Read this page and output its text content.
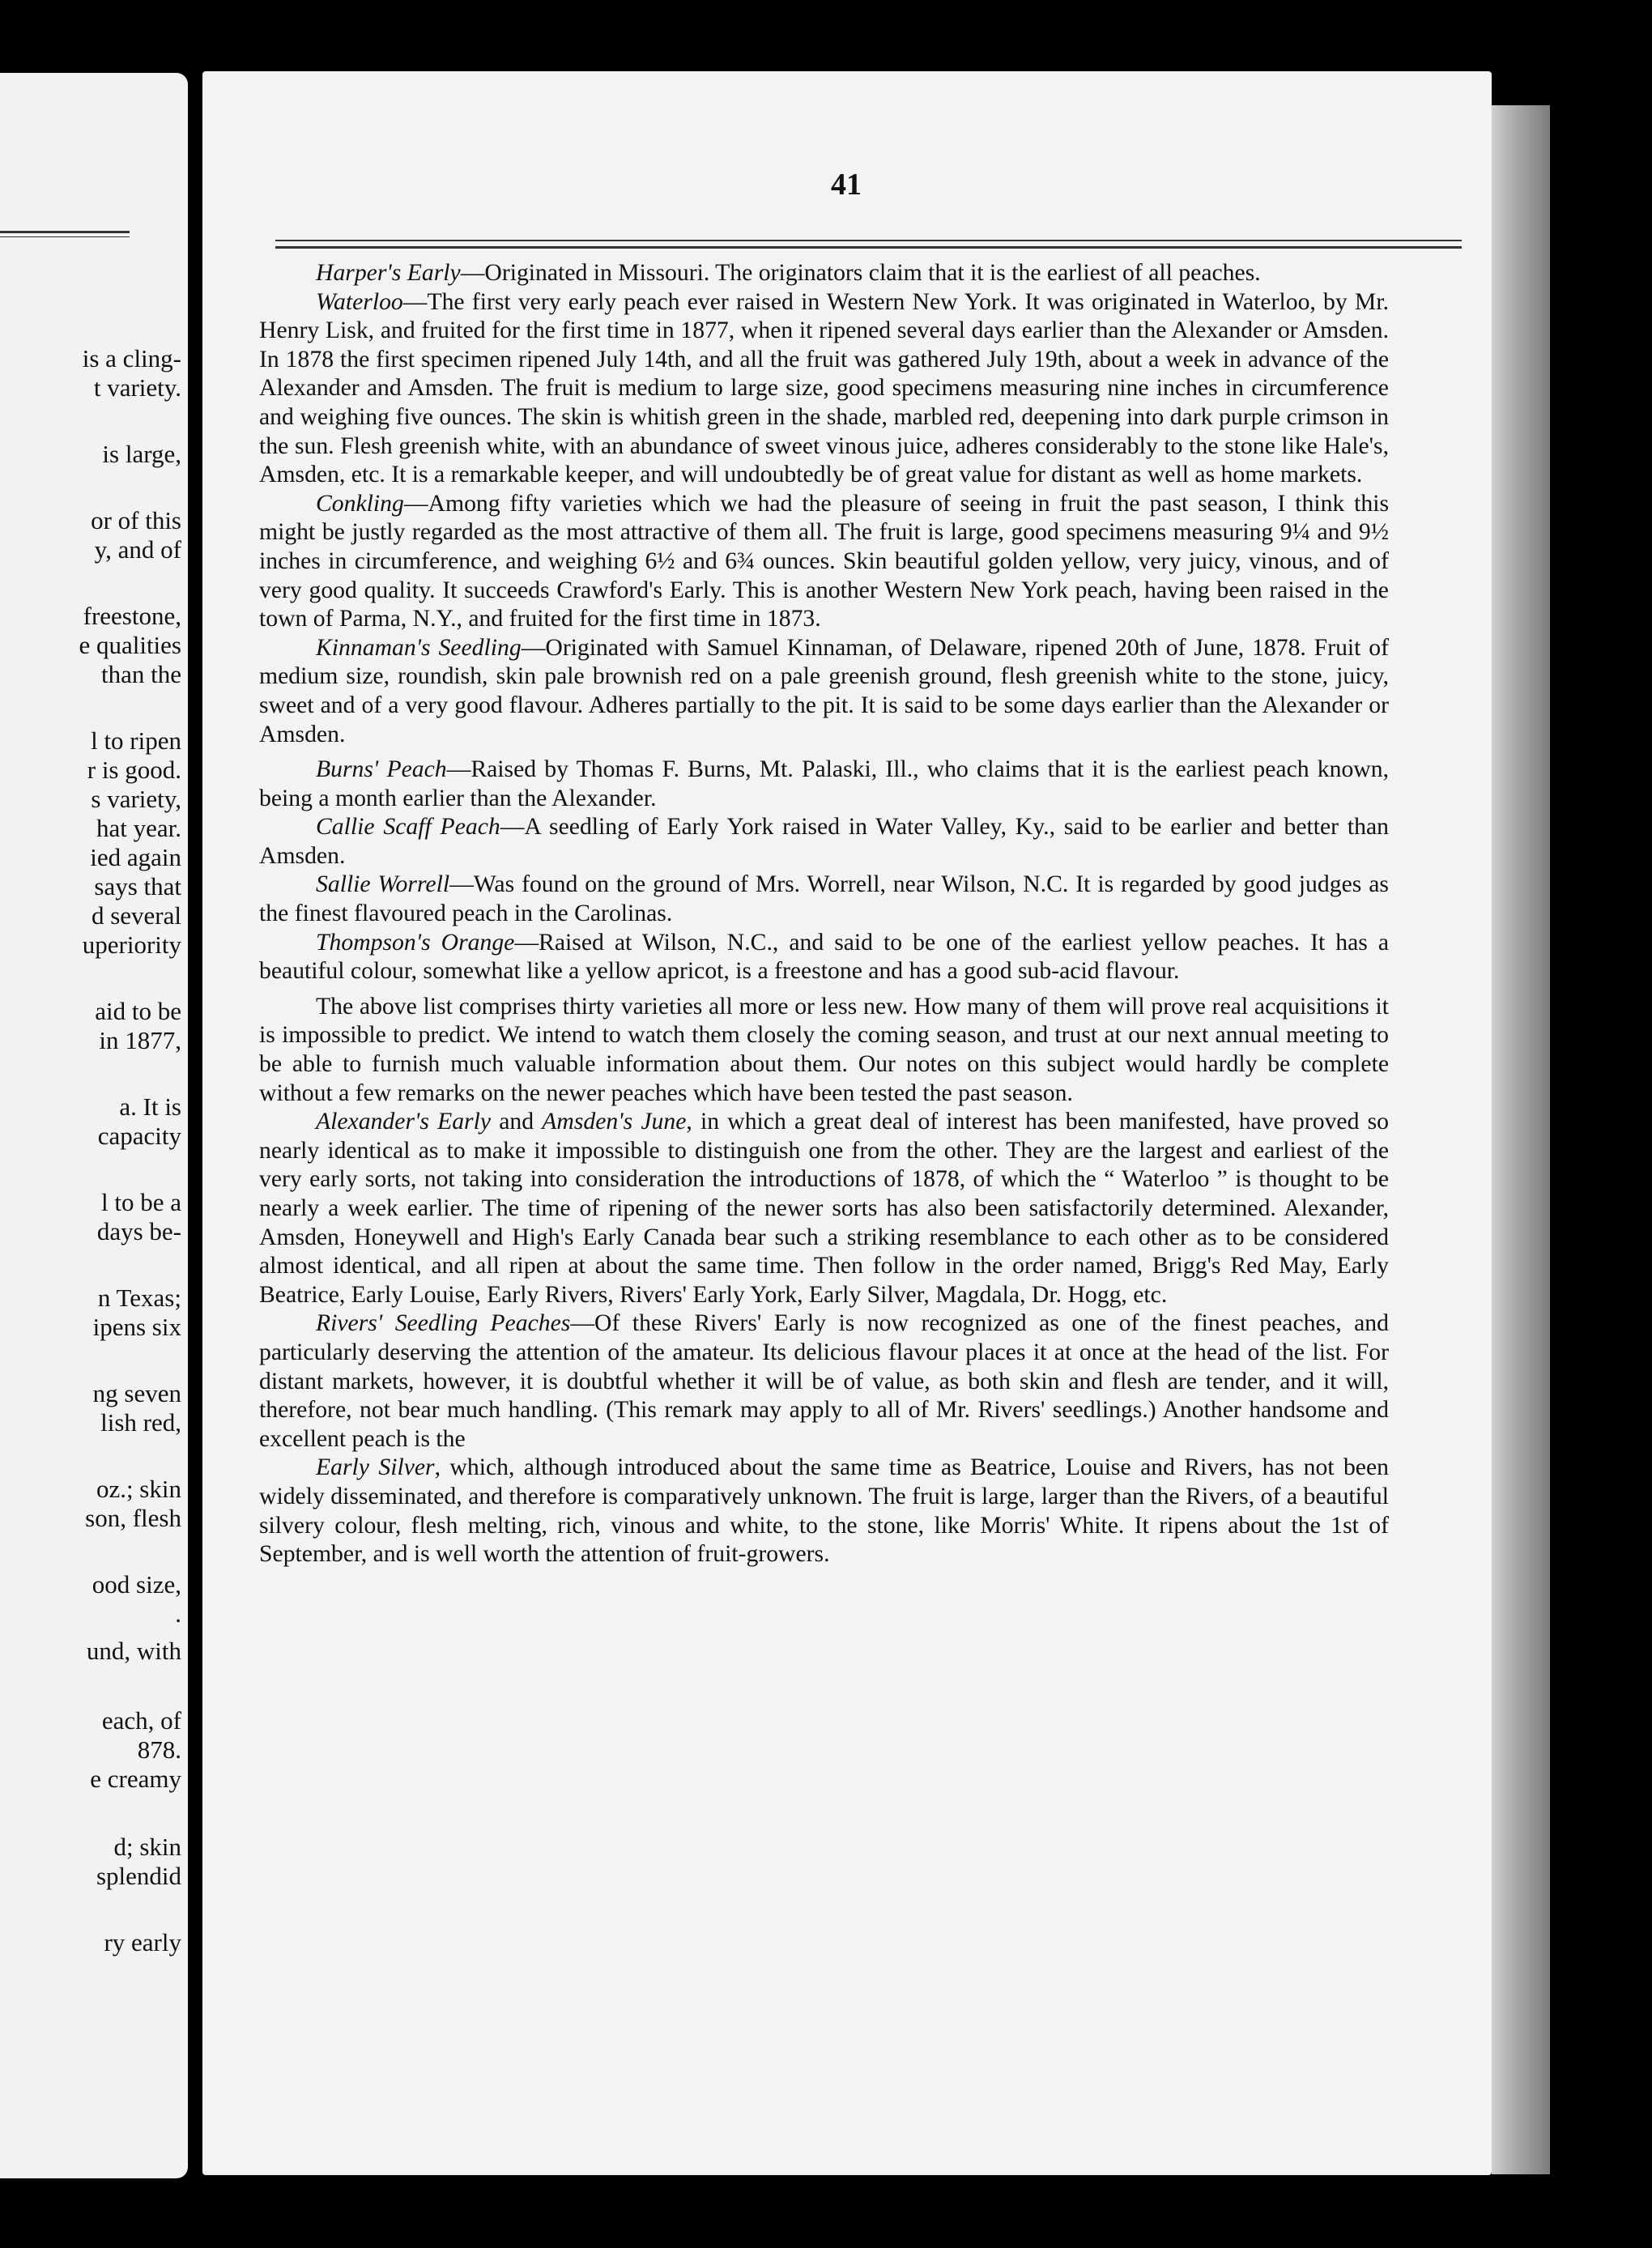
is a cling-
t variety.
is large,
or of this
y, and of
freestone,
e qualities
than the
l to ripen
r is good.
s variety,
hat year.
ied again
says that
d several
uperiority
aid to be
in 1877,
a. It is
capacity
l to be a
days be-
n Texas;
ipens six
ng seven
lish red,
oz.; skin
son, flesh
ood size,
.
und, with
each, of
878.
e creamy
d; skin
splendid
ry early
41

Harper's Early—Originated in Missouri. The originators claim that it is the earliest of all peaches.

Waterloo—The first very early peach ever raised in Western New York. It was originated in Waterloo, by Mr. Henry Lisk, and fruited for the first time in 1877, when it ripened several days earlier than the Alexander or Amsden. In 1878 the first specimen ripened July 14th, and all the fruit was gathered July 19th, about a week in advance of the Alexander and Amsden. The fruit is medium to large size, good specimens measuring nine inches in circumference and weighing five ounces. The skin is whitish green in the shade, marbled red, deepening into dark purple crimson in the sun. Flesh greenish white, with an abundance of sweet vinous juice, adheres considerably to the stone like Hale's, Amsden, etc. It is a remarkable keeper, and will undoubtedly be of great value for distant as well as home markets.

Conkling—Among fifty varieties which we had the pleasure of seeing in fruit the past season, I think this might be justly regarded as the most attractive of them all. The fruit is large, good specimens measuring 9¼ and 9½ inches in circumference, and weighing 6½ and 6¾ ounces. Skin beautiful golden yellow, very juicy, vinous, and of very good quality. It succeeds Crawford's Early. This is another Western New York peach, having been raised in the town of Parma, N.Y., and fruited for the first time in 1873.

Kinnaman's Seedling—Originated with Samuel Kinnaman, of Delaware, ripened 20th of June, 1878. Fruit of medium size, roundish, skin pale brownish red on a pale greenish ground, flesh greenish white to the stone, juicy, sweet and of a very good flavour. Adheres partially to the pit. It is said to be some days earlier than the Alexander or Amsden.

Burns' Peach—Raised by Thomas F. Burns, Mt. Palaski, Ill., who claims that it is the earliest peach known, being a month earlier than the Alexander.

Callie Scaff Peach—A seedling of Early York raised in Water Valley, Ky., said to be earlier and better than Amsden.

Sallie Worrell—Was found on the ground of Mrs. Worrell, near Wilson, N.C. It is regarded by good judges as the finest flavoured peach in the Carolinas.

Thompson's Orange—Raised at Wilson, N.C., and said to be one of the earliest yellow peaches. It has a beautiful colour, somewhat like a yellow apricot, is a freestone and has a good sub-acid flavour.

The above list comprises thirty varieties all more or less new. How many of them will prove real acquisitions it is impossible to predict. We intend to watch them closely the coming season, and trust at our next annual meeting to be able to furnish much valuable information about them. Our notes on this subject would hardly be complete without a few remarks on the newer peaches which have been tested the past season.

Alexander's Early and Amsden's June, in which a great deal of interest has been manifested, have proved so nearly identical as to make it impossible to distinguish one from the other. They are the largest and earliest of the very early sorts, not taking into consideration the introductions of 1878, of which the “ Waterloo ” is thought to be nearly a week earlier. The time of ripening of the newer sorts has also been satisfactorily determined. Alexander, Amsden, Honeywell and High's Early Canada bear such a striking resemblance to each other as to be considered almost identical, and all ripen at about the same time. Then follow in the order named, Brigg's Red May, Early Beatrice, Early Louise, Early Rivers, Rivers' Early York, Early Silver, Magdala, Dr. Hogg, etc.

Rivers' Seedling Peaches—Of these Rivers' Early is now recognized as one of the finest peaches, and particularly deserving the attention of the amateur. Its delicious flavour places it at once at the head of the list. For distant markets, however, it is doubtful whether it will be of value, as both skin and flesh are tender, and it will, therefore, not bear much handling. (This remark may apply to all of Mr. Rivers' seedlings.) Another handsome and excellent peach is the

Early Silver, which, although introduced about the same time as Beatrice, Louise and Rivers, has not been widely disseminated, and therefore is comparatively unknown. The fruit is large, larger than the Rivers, of a beautiful silvery colour, flesh melting, rich, vinous and white, to the stone, like Morris' White. It ripens about the 1st of September, and is well worth the attention of fruit-growers.
